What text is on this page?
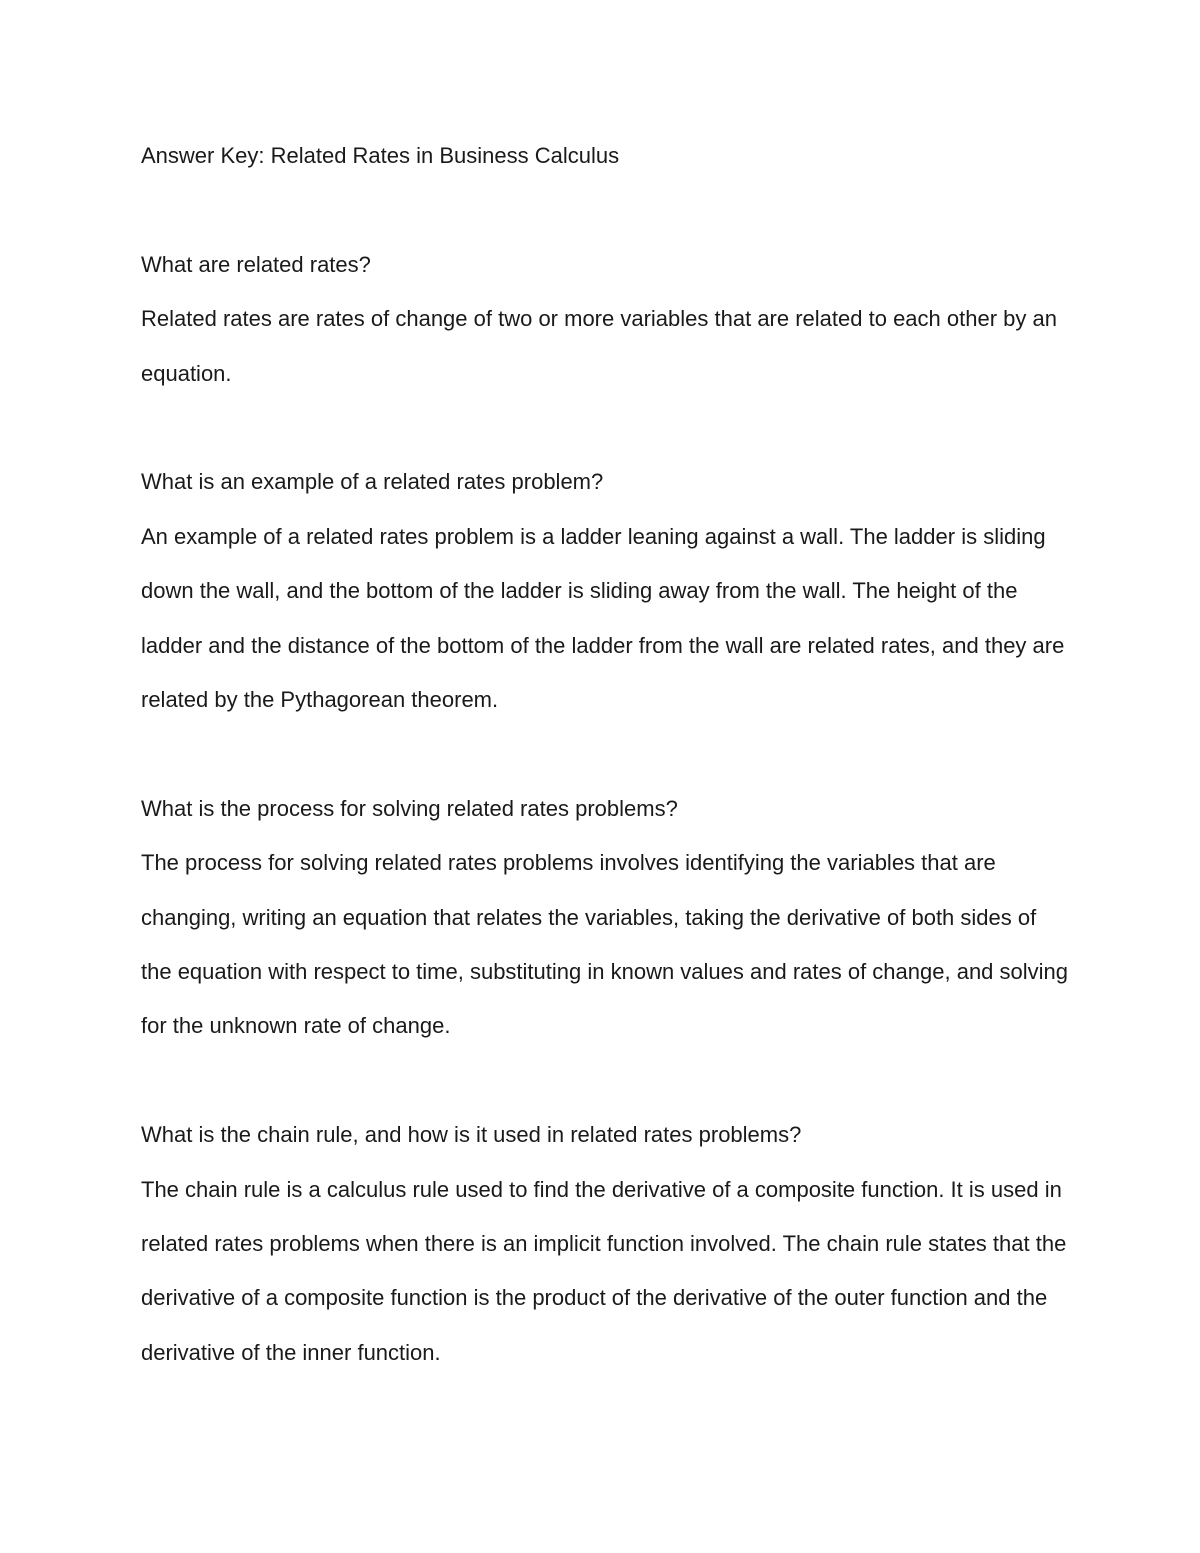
Answer Key: Related Rates in Business Calculus

What are related rates?

Related rates are rates of change of two or more variables that are related to each other by an equation.

What is an example of a related rates problem?

An example of a related rates problem is a ladder leaning against a wall. The ladder is sliding down the wall, and the bottom of the ladder is sliding away from the wall. The height of the ladder and the distance of the bottom of the ladder from the wall are related rates, and they are related by the Pythagorean theorem.

What is the process for solving related rates problems?

The process for solving related rates problems involves identifying the variables that are changing, writing an equation that relates the variables, taking the derivative of both sides of the equation with respect to time, substituting in known values and rates of change, and solving for the unknown rate of change.

What is the chain rule, and how is it used in related rates problems?

The chain rule is a calculus rule used to find the derivative of a composite function. It is used in related rates problems when there is an implicit function involved. The chain rule states that the derivative of a composite function is the product of the derivative of the outer function and the derivative of the inner function.
